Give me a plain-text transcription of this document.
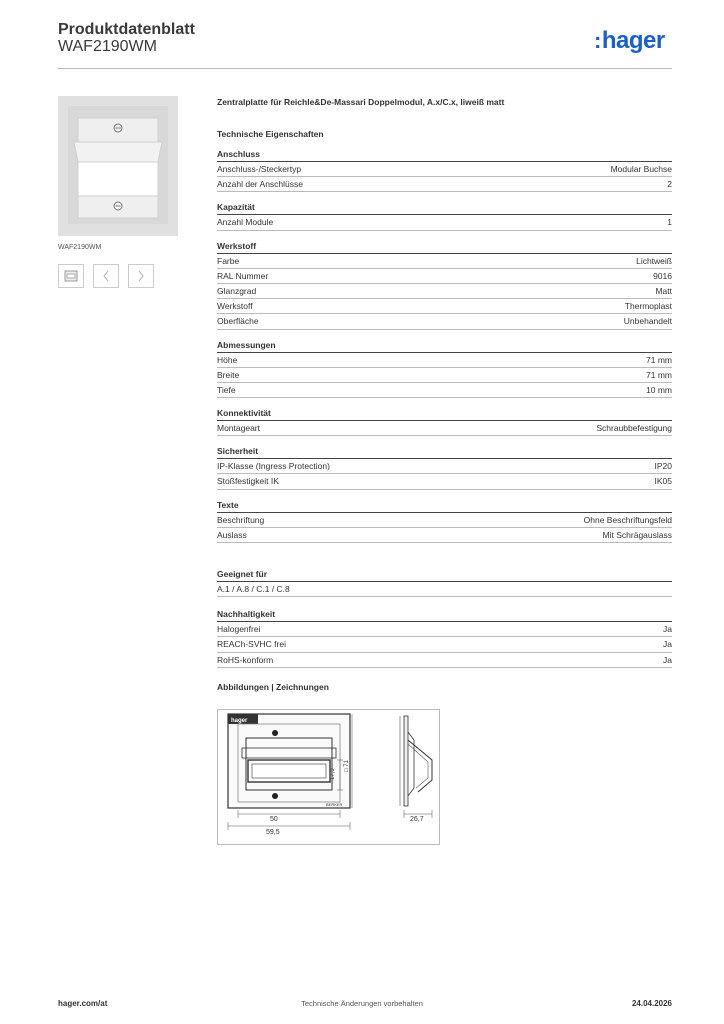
Produktdatenblatt
WAF2190WM	:hager
WAF2190WM
Zentralplatte für Reichle&De-Massari Doppelmodul, A.x/C.x, lіweiß matt
Technische Eigenschaften
Anschluss
Anschluss-/Steckertyp	Modular Buchse
Anzahl der Anschlüsse	2
Kapazität
Anzahl Module	1
Werkstoff
Farbe	Lichtweiß
RAL Nummer	9016
Glanzgrad	Matt
Werkstoff	Thermoplast
Oberfläche	Unbehandelt
Abmessungen
Höhe	71 mm
Breite	71 mm
Tiefe	10 mm
Konnektivität
Montageart	Schraubbefestigung
Sicherheit
IP-Klasse (Ingress Protection)	IP20
Stoßfestigkeit IK	IK05
Texte
Beschriftung	Ohne Beschriftungsfeld
Auslass	Mit Schrägauslass
Geeignet für
A.1 / A.8 / C.1 / C.8
Nachhaltigkeit
Halogenfrei	Ja
REACh-SVHC frei	Ja
RoHS-konform	Ja
Abbildungen | Zeichnungen
hager
BERKER
17,9
□ 71
50
59,5
26,7
hager.com/at	Technische Änderungen vorbehalten	24.04.2026
